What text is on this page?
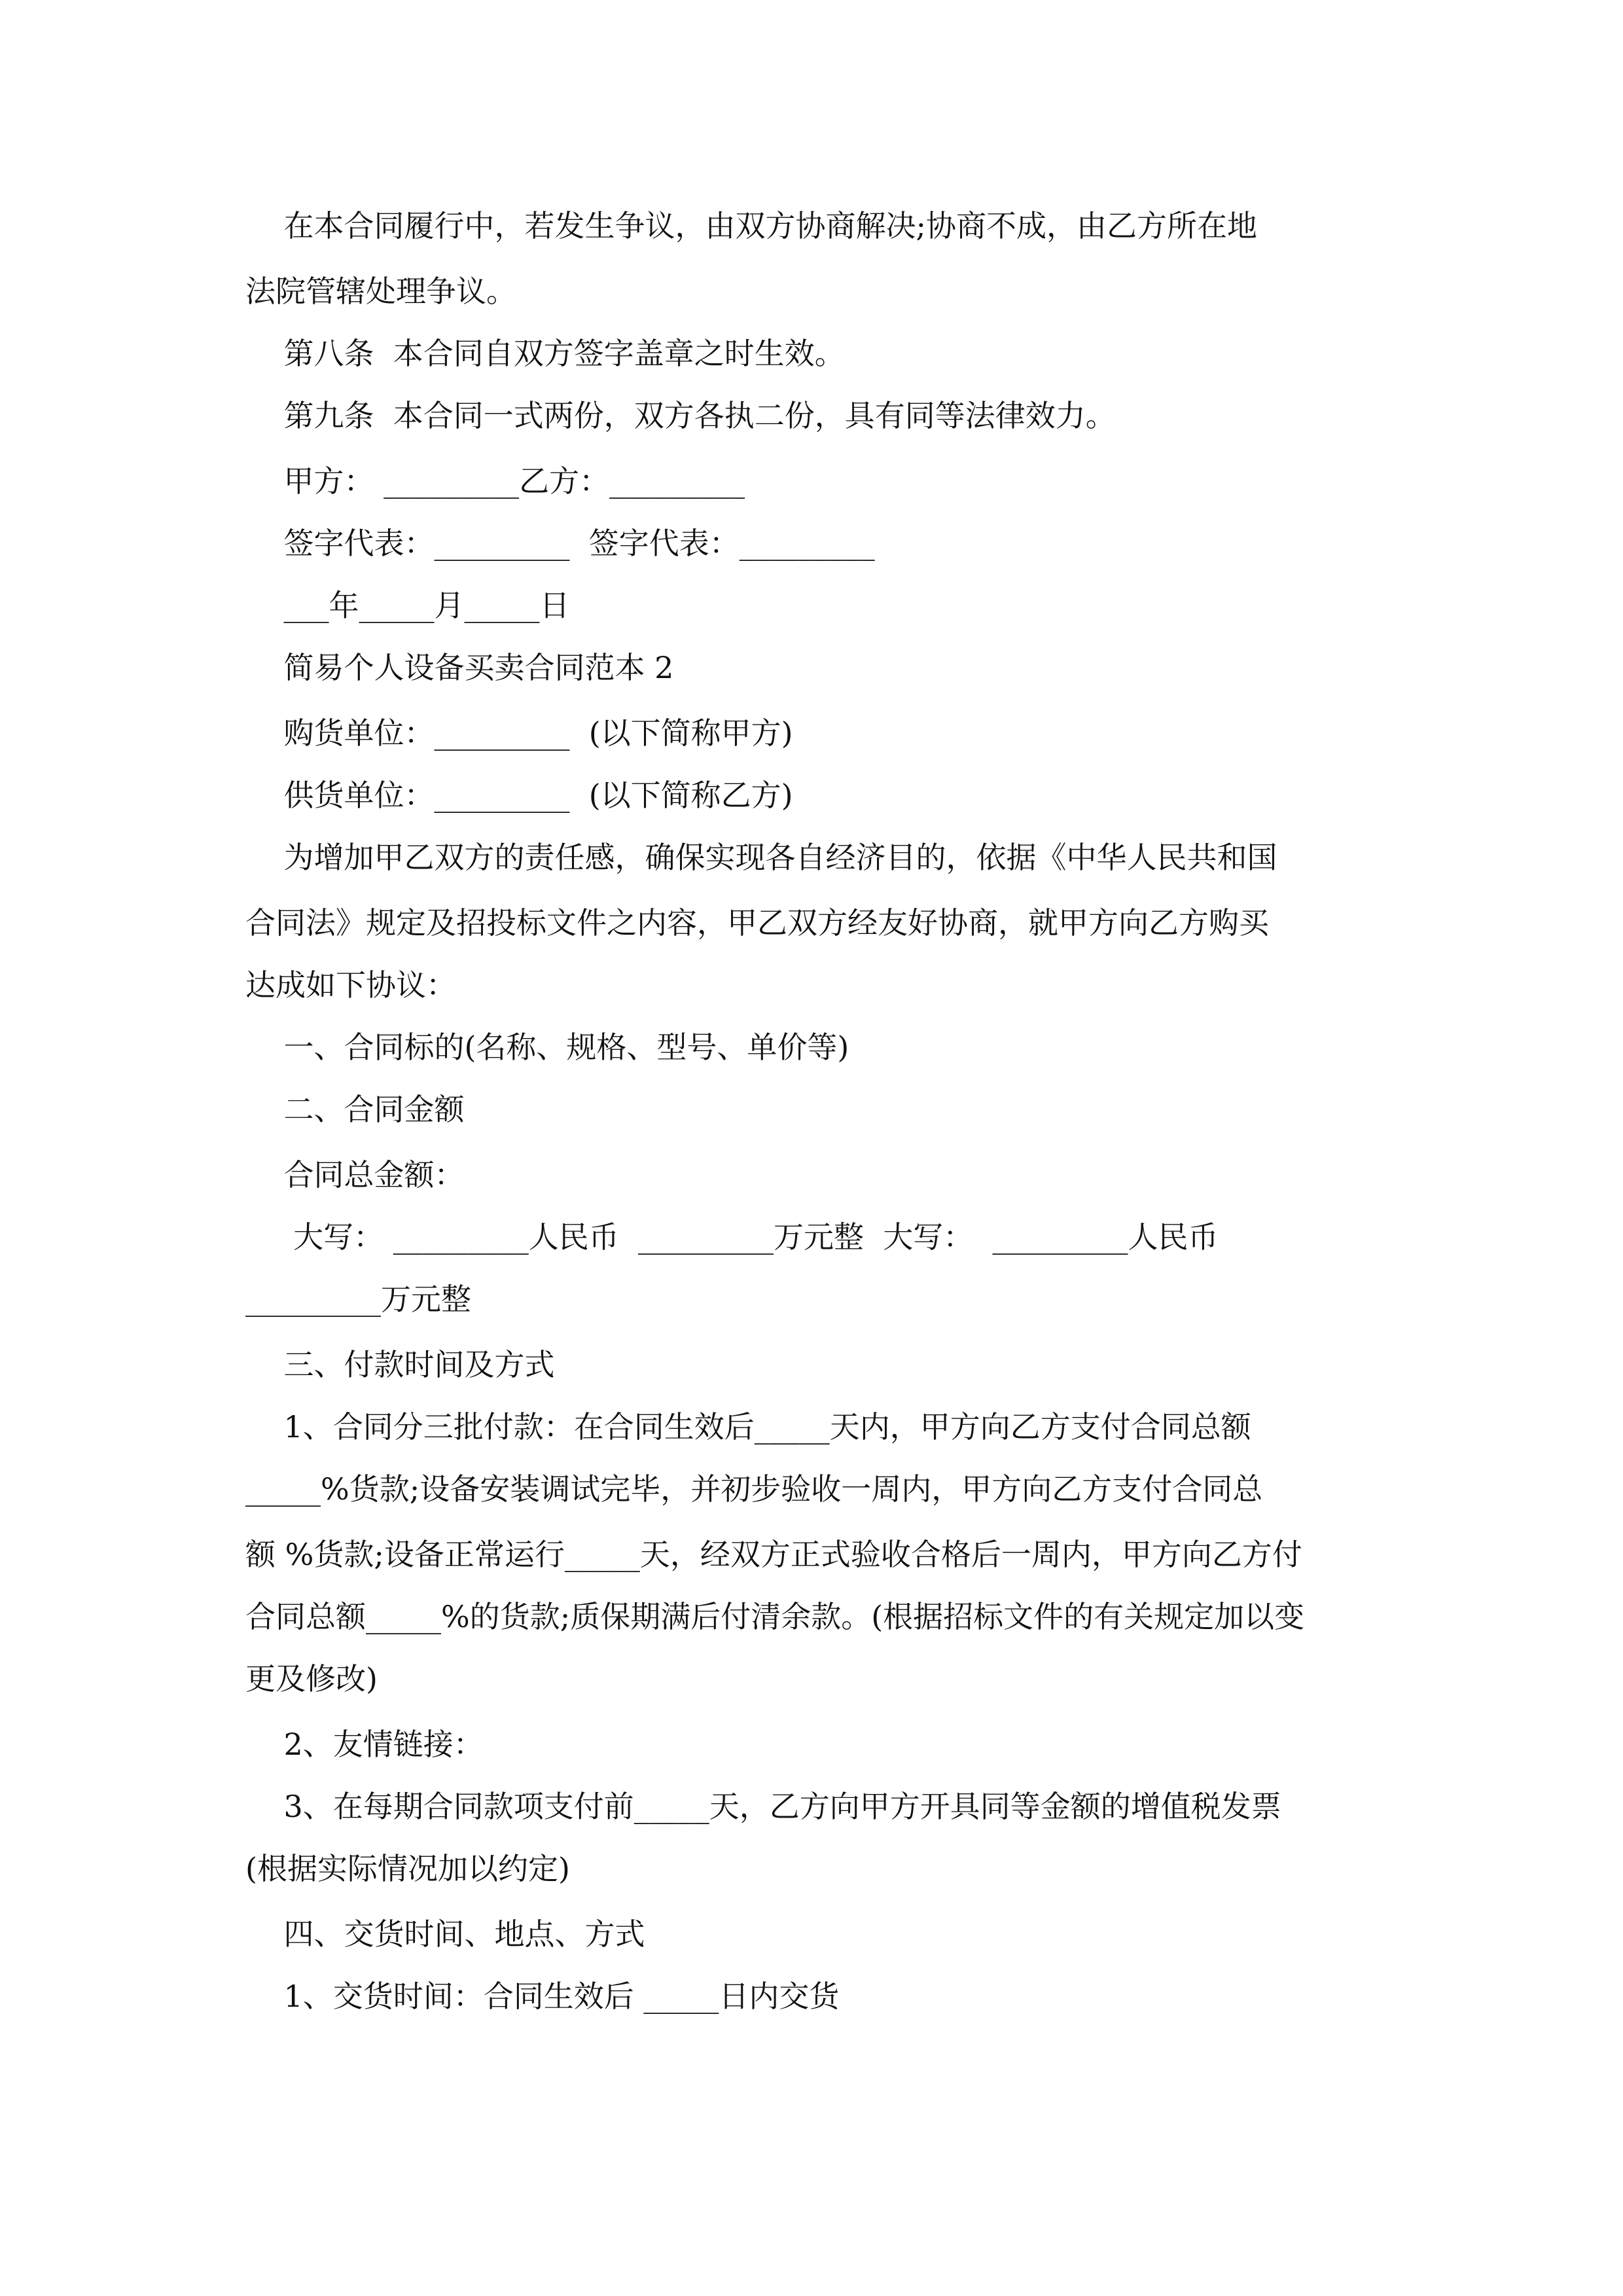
在本合同履行中，若发生争议，由双方协商解决;协商不成，由乙方所在地
法院管辖处理争议。
第八条  本合同自双方签字盖章之时生效。
第九条  本合同一式两份，双方各执二份，具有同等法律效力。
甲方： _________乙方：_________
签字代表：_________  签字代表：_________
___年_____月_____日
简易个人设备买卖合同范本 2
购货单位：_________  (以下简称甲方)
供货单位：_________  (以下简称乙方)
为增加甲乙双方的责任感，确保实现各自经济目的，依据《中华人民共和国
合同法》规定及招投标文件之内容，甲乙双方经友好协商，就甲方向乙方购买
达成如下协议：
一、合同标的(名称、规格、型号、单价等)
二、合同金额
合同总金额：
大写： _________人民币  _________万元整  大写：  _________人民币
_________万元整
三、付款时间及方式
1、合同分三批付款：在合同生效后_____天内，甲方向乙方支付合同总额
_____%货款;设备安装调试完毕，并初步验收一周内，甲方向乙方支付合同总
额 %货款;设备正常运行_____天，经双方正式验收合格后一周内，甲方向乙方付
合同总额_____%的货款;质保期满后付清余款。(根据招标文件的有关规定加以变
更及修改)
2、友情链接：
3、在每期合同款项支付前_____天，乙方向甲方开具同等金额的增值税发票
(根据实际情况加以约定)
四、交货时间、地点、方式
1、交货时间：合同生效后 _____日内交货
